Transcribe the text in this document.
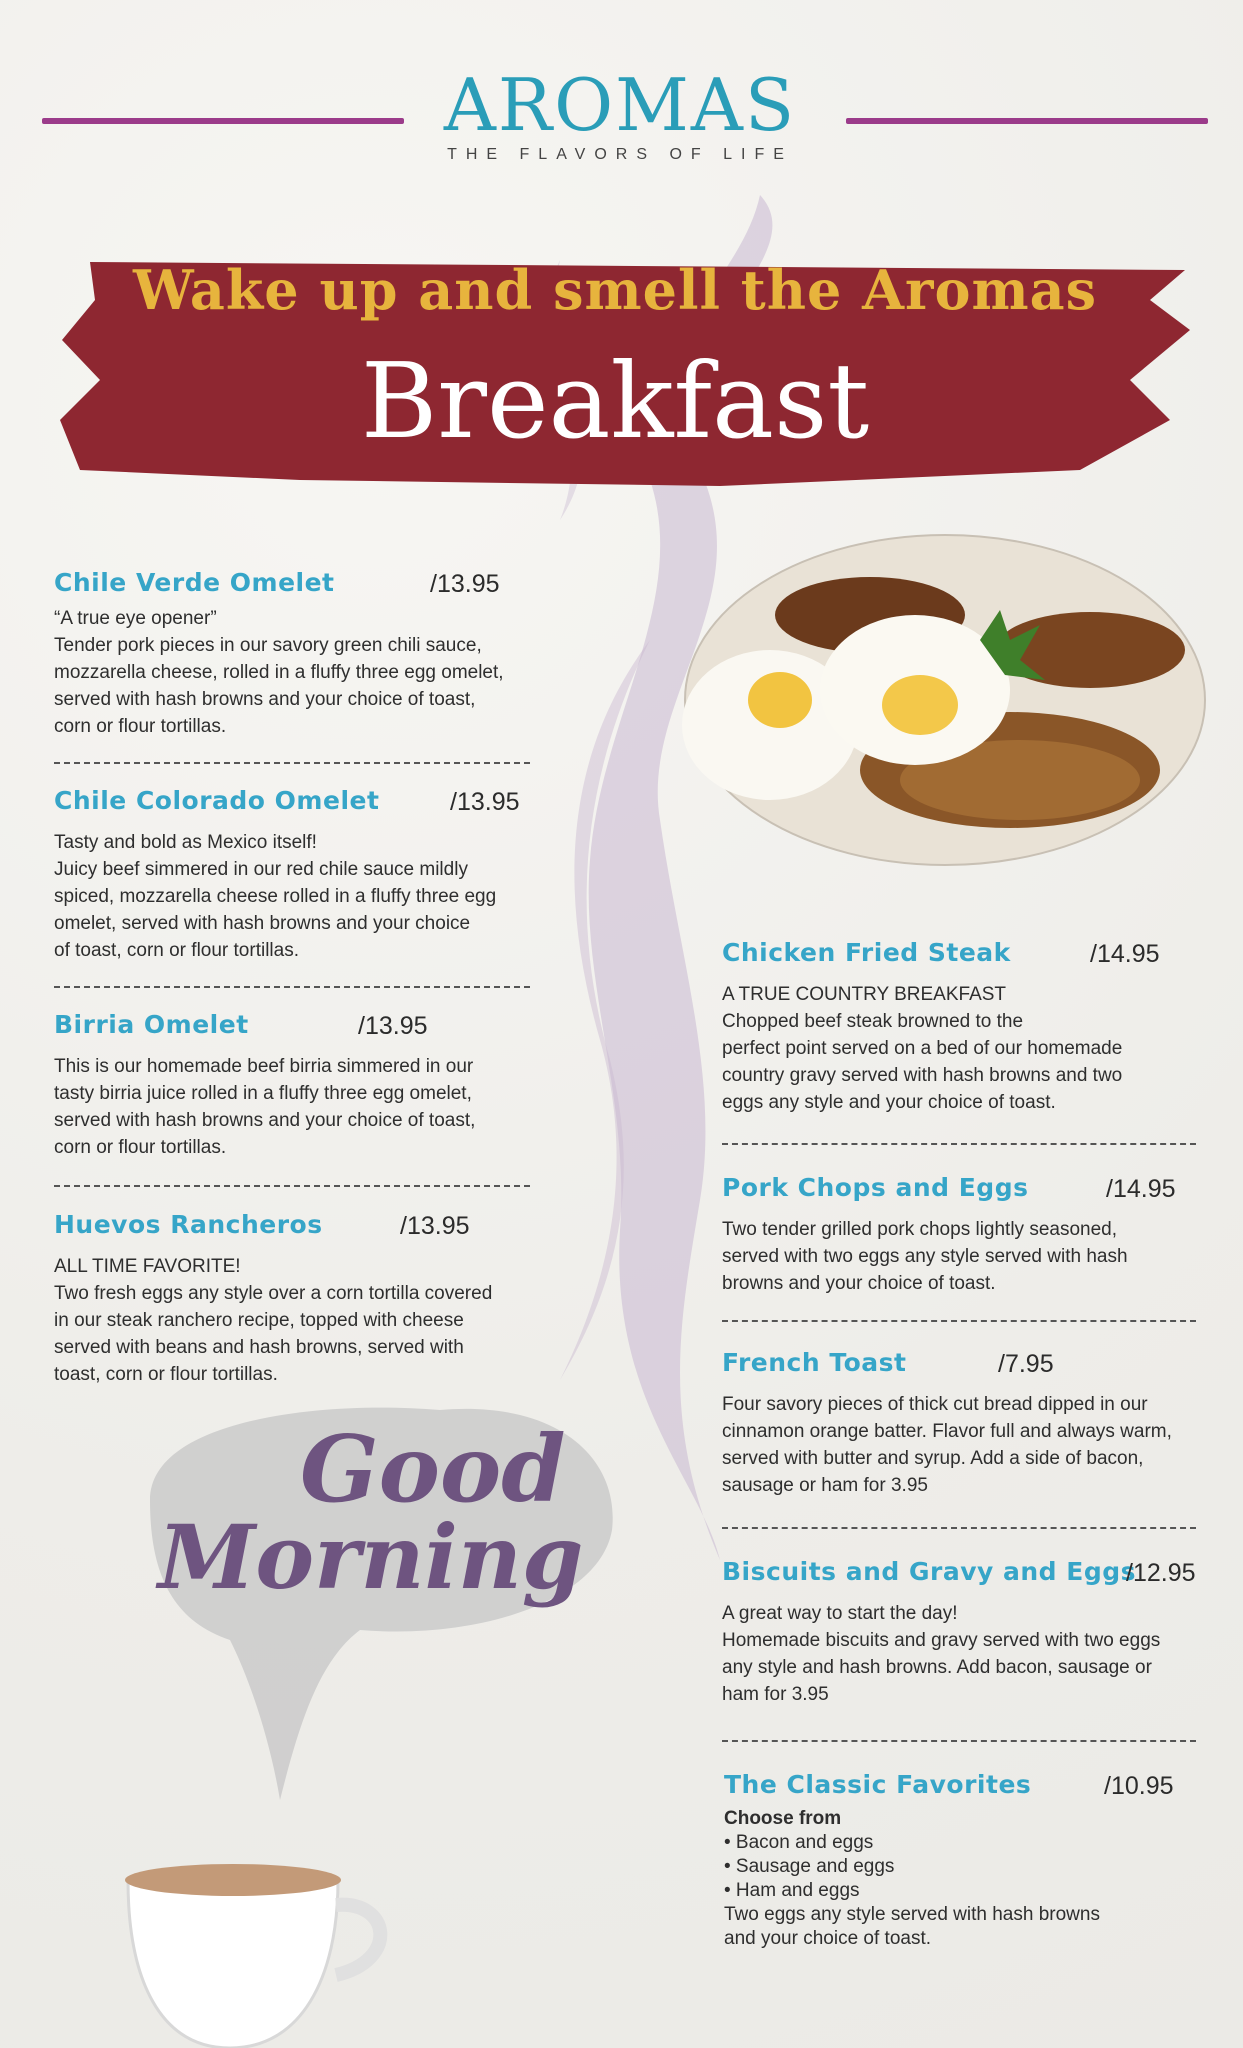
AROMAS
THE FLAVORS OF LIFE
Wake up and smell the Aromas
Breakfast
Chile Verde Omelet	/13.95
“A true eye opener”
Tender pork pieces in our savory green chili sauce,
mozzarella cheese, rolled in a fluffy three egg omelet,
served with hash browns and your choice of toast,
corn or flour tortillas.
Chile Colorado Omelet	/13.95
Tasty and bold as Mexico itself!
Juicy beef simmered in our red chile sauce mildly
spiced, mozzarella cheese rolled in a fluffy three egg
omelet, served with hash browns and your choice
of toast, corn or flour tortillas.
Birria Omelet	/13.95
This is our homemade beef birria simmered in our
tasty birria juice rolled in a fluffy three egg omelet,
served with hash browns and your choice of toast,
corn or flour tortillas.
Huevos Rancheros	/13.95
ALL TIME FAVORITE!
Two fresh eggs any style over a corn tortilla covered
in our steak ranchero recipe, topped with cheese
served with beans and hash browns, served with
toast, corn or flour tortillas.
Chicken Fried Steak	/14.95
A TRUE COUNTRY BREAKFAST
Chopped beef steak browned to the
perfect point served on a bed of our homemade
country gravy served with hash browns and two
eggs any style and your choice of toast.
Pork Chops and Eggs	/14.95
Two tender grilled pork chops lightly seasoned,
served with two eggs any style served with hash
browns and your choice of toast.
French Toast	/7.95
Four savory pieces of thick cut bread dipped in our
cinnamon orange batter. Flavor full and always warm,
served with butter and syrup. Add a side of bacon,
sausage or ham for 3.95
Biscuits and Gravy and Eggs
/12.95
A great way to start the day!
Homemade biscuits and gravy served with two eggs
any style and hash browns. Add bacon, sausage or
ham for 3.95
The Classic Favorites	/10.95
Choose from
• Bacon and eggs
• Sausage and eggs
• Ham and eggs
Two eggs any style served with hash browns
and your choice of toast.
Good
Morning
